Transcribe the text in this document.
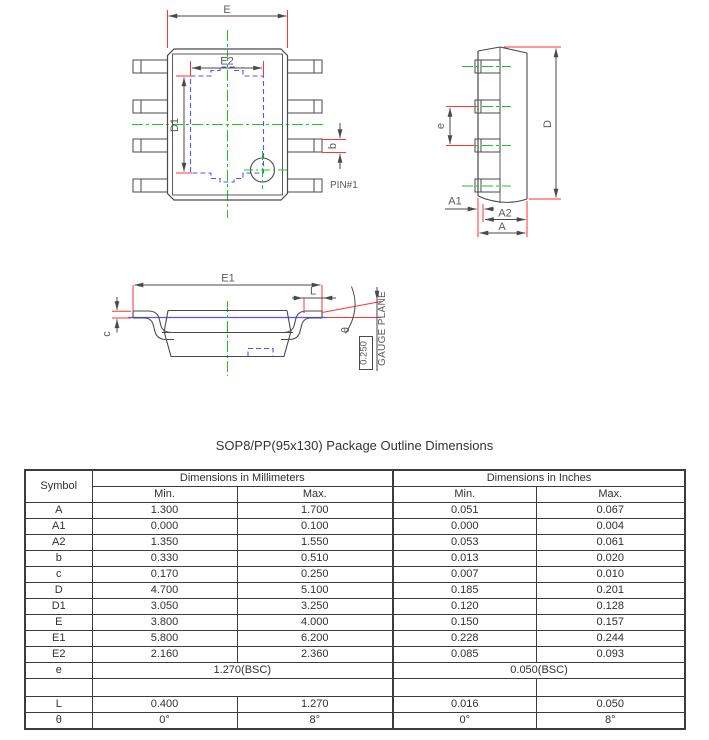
E
E2
D1
b
PIN#1
e	D
A1
A2
A
E1
c
L
θ
0.250 GAUGE PLANE
SOP8/PP(95x130) Package Outline Dimensions
Symbol	Dimensions in Millimeters		Dimensions in Inches	
	Min.	Max.	Min.	Max.
A	1.300	1.700	0.051	0.067
A1	0.000	0.100	0.000	0.004
A2	1.350	1.550	0.053	0.061
b	0.330	0.510	0.013	0.020
c	0.170	0.250	0.007	0.010
D	4.700	5.100	0.185	0.201
D1	3.050	3.250	0.120	0.128
E	3.800	4.000	0.150	0.157
E1	5.800	6.200	0.228	0.244
E2	2.160	2.360	0.085	0.093
e	1.270(BSC)		0.050(BSC)	

L	0.400	1.270	0.016	0.050
θ	0°	8°	0°	8°
